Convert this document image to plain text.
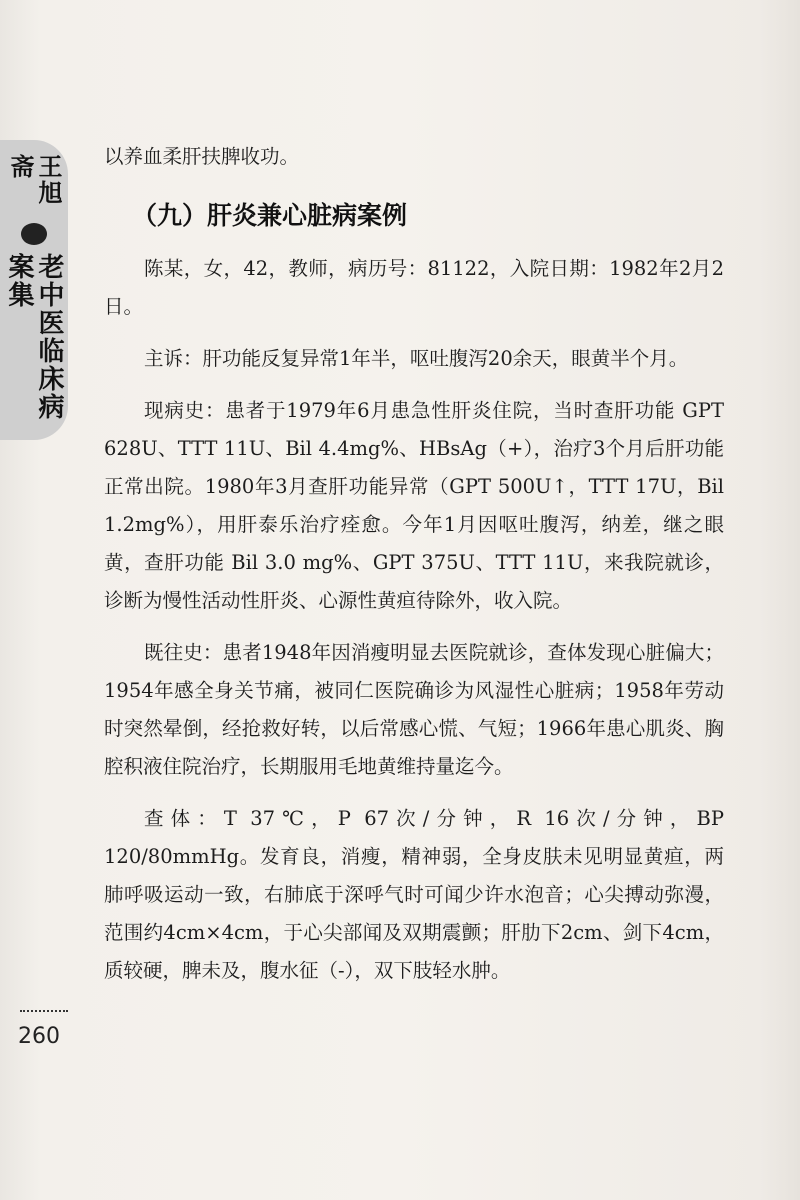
王旭斋
老中医临床病案集
260

以养血柔肝扶脾收功。

（九）肝炎兼心脏病案例

陈某，女，42，教师，病历号：81122，入院日期：1982年2月2日。

主诉：肝功能反复异常1年半，呕吐腹泻20余天，眼黄半个月。

现病史：患者于1979年6月患急性肝炎住院，当时查肝功能 GPT 628U、TTT 11U、Bil 4.4mg%、HBsAg（+），治疗3个月后肝功能正常出院。1980年3月查肝功能异常（GPT 500U↑，TTT 17U，Bil 1.2mg%），用肝泰乐治疗痊愈。今年1月因呕吐腹泻，纳差，继之眼黄，查肝功能 Bil 3.0 mg%、GPT 375U、TTT 11U，来我院就诊，诊断为慢性活动性肝炎、心源性黄疸待除外，收入院。

既往史：患者1948年因消瘦明显去医院就诊，查体发现心脏偏大；1954年感全身关节痛，被同仁医院确诊为风湿性心脏病；1958年劳动时突然晕倒，经抢救好转，以后常感心慌、气短；1966年患心肌炎、胸腔积液住院治疗，长期服用毛地黄维持量迄今。

查体：T 37℃，P 67次/分钟，R 16次/分钟，BP 120/80mmHg。发育良，消瘦，精神弱，全身皮肤未见明显黄疸，两肺呼吸运动一致，右肺底于深呼气时可闻少许水泡音；心尖搏动弥漫，范围约4cm×4cm，于心尖部闻及双期震颤；肝肋下2cm、剑下4cm，质较硬，脾未及，腹水征（-），双下肢轻水肿。
